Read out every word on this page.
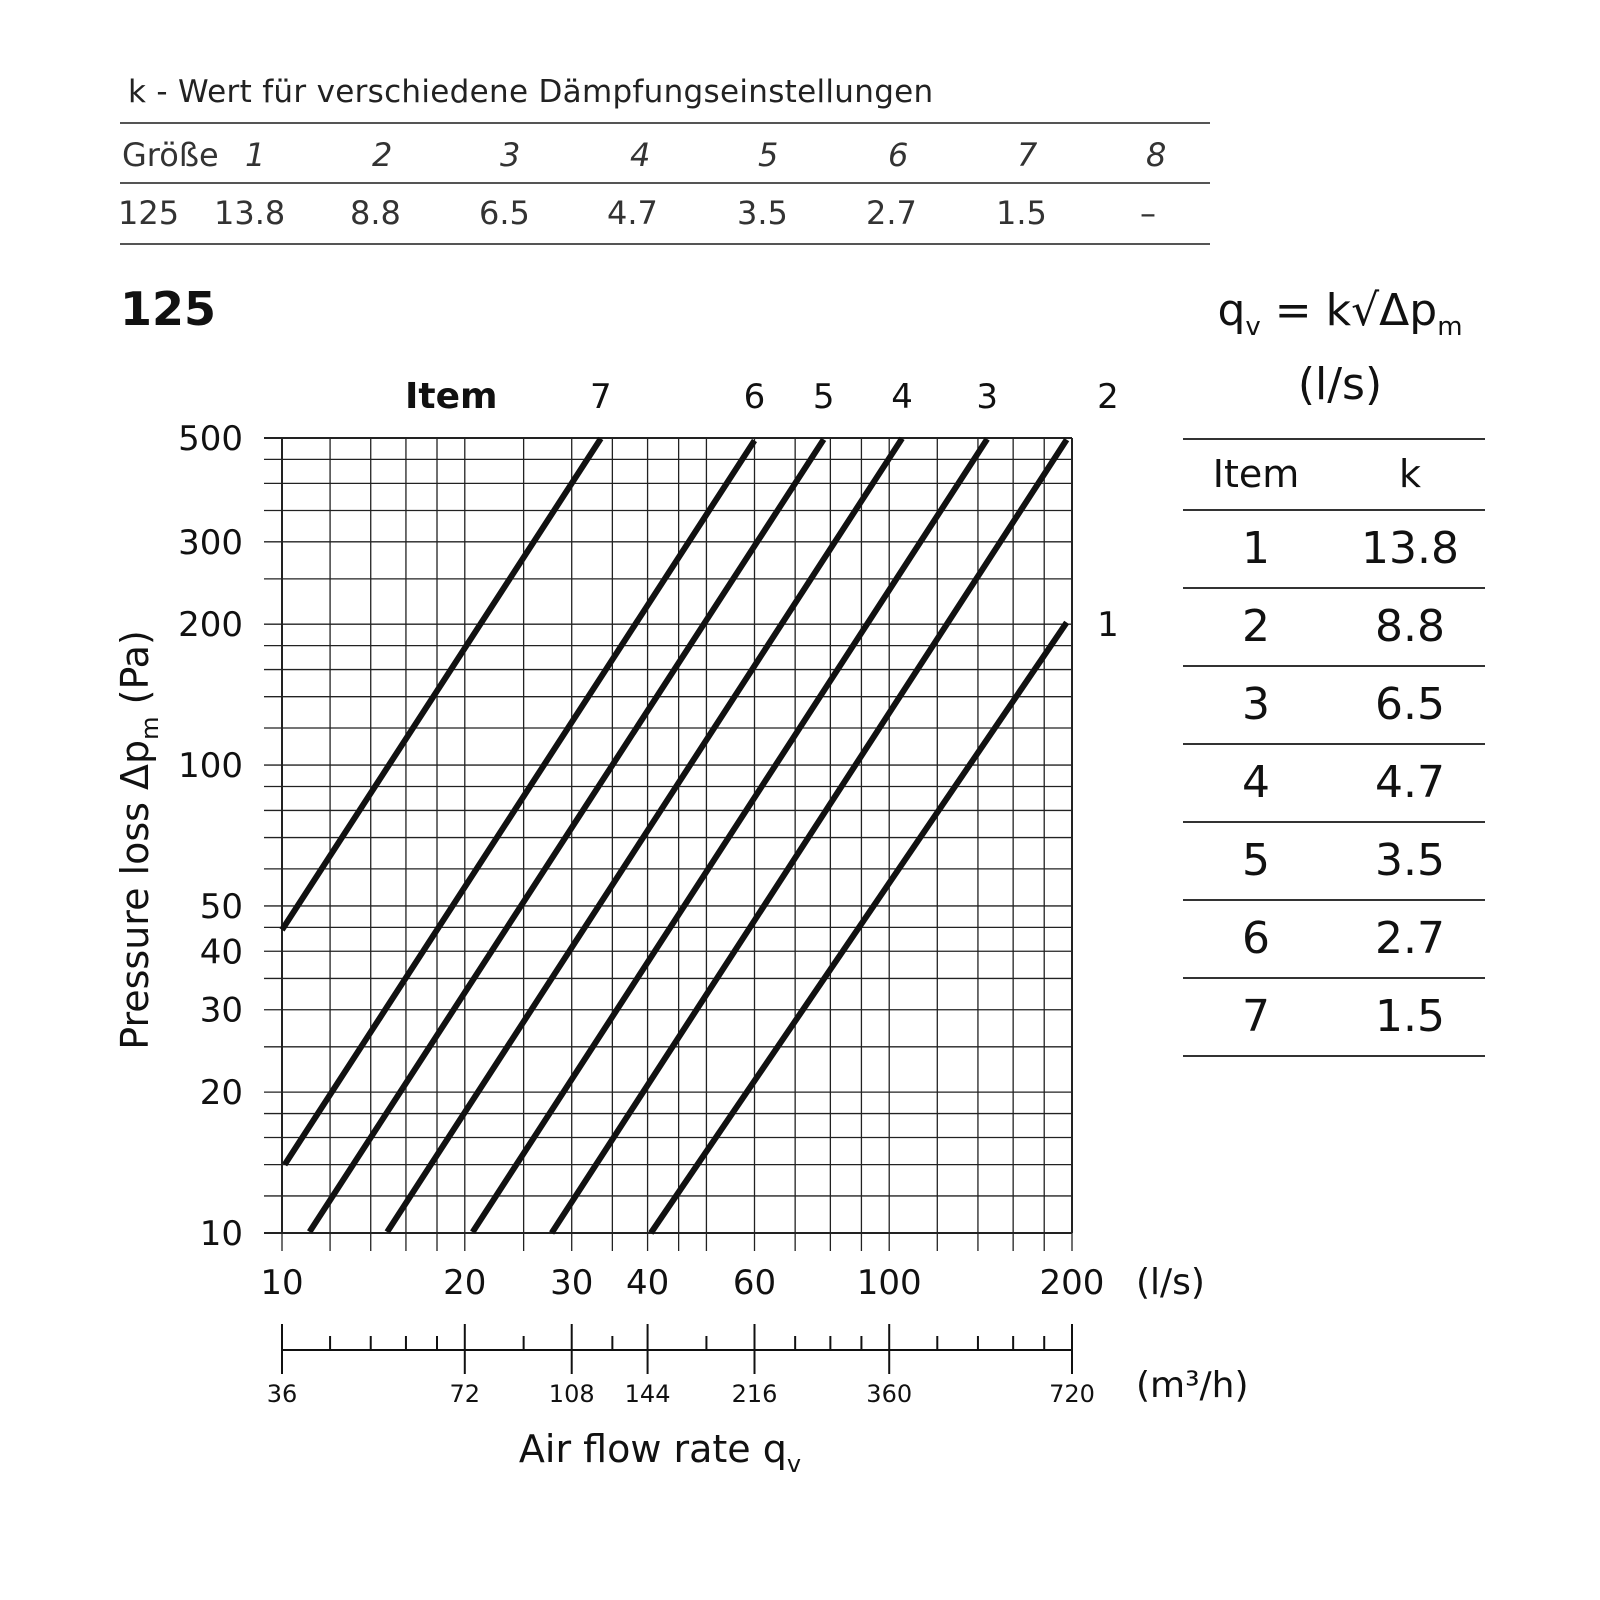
k - Wert für verschiedene Dämpfungseinstellungen
Größe 1	2	3	4	5	6	7	8
125 13.8 8.8 6.5 4.7 3.5 2.7 1.5	–
125	$q_v = k√\Delta p_m$
(l/s)
10
20
30
40
50
100
200
300
500
10	20 30 40 60 100	200 (l/s)
36	72	108 144	216	360	720 (m³/h)
Air flow rate $q_v$
Pressure loss $\Delta p_m$ (Pa)
Item
1
2
3
4
5
6
7
Item	k
1	13.8
2	8.8
3	6.5
4	4.7
5	3.5
6	2.7
7	1.5
